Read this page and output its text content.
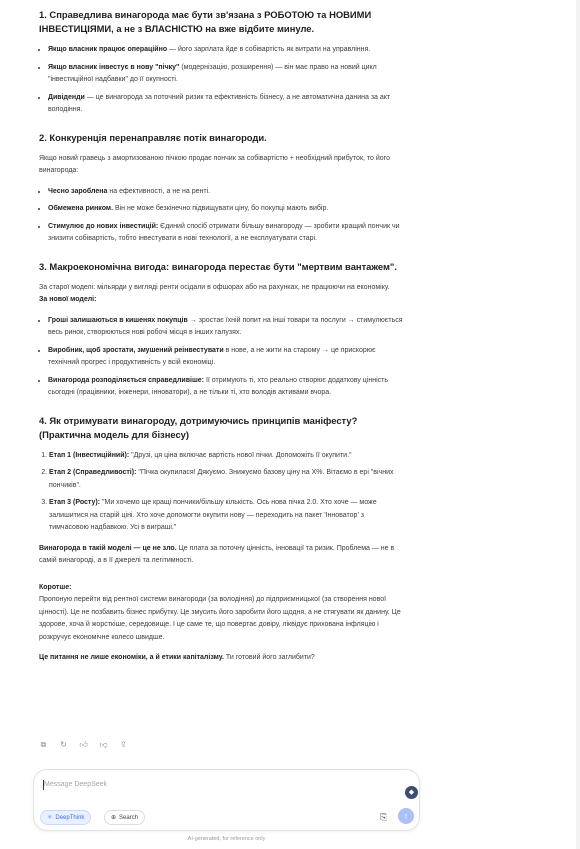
1. Справедлива винагорода має бути зв'язана з РОБОТОЮ та НОВИМИ ІНВЕСТИЦІЯМИ, а не з ВЛАСНІСТЮ на вже відбите минуле.
• Якщо власник працює операційно — його зарплата йде в собівартість як витрати на управління.
• Якщо власник інвестує в нову "пічку" (модернізацію, розширення) — він має право на новий цикл "інвестиційної надбавки" до її окупності.
• Дивіденди — це винагорода за поточний ризик та ефективність бізнесу, а не автоматична данина за акт володіння.
2. Конкуренція перенаправляє потік винагороди.

Якщо новий гравець з амортизованою пічкою продає пончик за собівартістю + необхідний прибуток, то його винагорода:

• Чесно зароблена на ефективності, а не на ренті.
• Обмежена ринком. Він не може безкінечно підвищувати ціну, бо покупці мають вибір.
• Стимулює до нових інвестицій: Єдиний спосіб отримати більшу винагороду — зробити кращий пончик чи знизити собівартість, тобто інвестувати в нові технології, а не експлуатувати старі.
3. Макроекономічна вигода: винагорода перестає бути "мертвим вантажем".

За старої моделі: мільярди у вигляді ренти осідали в офшорах або на рахунках, не працюючи на економіку.

За нової моделі:

• Гроші залишаються в кишенях покупців → зростає їхній попит на інші товари та послуги → стимулюється весь ринок, створюються нові робочі місця в інших галузях.
• Виробник, щоб зростати, змушений реінвестувати в нове, а не жити на старому → це прискорює технічний прогрес і продуктивність у всій економіці.
• Винагорода розподіляється справедливіше: її отримують ті, хто реально створює додаткову цінність сьогодні (працівники, інженери, інноватори), а не тільки ті, хто володів активами вчора.
4. Як отримувати винагороду, дотримуючись принципів маніфесту? (Практична модель для бізнесу)
1. Етап 1 (Інвестиційний): "Друзі, ця ціна включає вартість нової пічки. Допоможіть її окупити."
2. Етап 2 (Справедливості): "Пічка окупилася! Дякуємо. Знижуємо базову ціну на Х%. Вітаємо в ері "вічних пончиків".
3. Етап 3 (Росту): "Ми хочемо ще кращі пончики/більшу кількість. Ось нова пічка 2.0. Хто хоче — може залишитися на старій ціні. Хто хоче допомогти окупити нову — переходить на пакет 'Інноватор' з тимчасовою надбавкою. Усі в виграші."

Винагорода в такій моделі — це не зло. Це плата за поточну цінність, інновації та ризик. Проблема — не в самій винагороді, а в її джерелі та легітимності.

Коротше:

Пропоную перейти від рентної системи винагороди (за володіння) до підприємницької (за створення нової цінності). Це не позбавить бізнес прибутку. Це змусить його заробити його щодня, а не стягувати як данину. Це здорове, хоча й жорсткіше, середовище. І це саме те, що повертає довіру, ліквідує прихована інфляцію і розкручує економічне колесо швидше.

Це питання не лише економіки, а й етики капіталізму. Ти готовий його заглибити?

⧉ ↻ 👍︎ 👎︎ ⇪
Message DeepSeek
◆
⚛ DeepThink	⊕ Search	⎘	↑
AI-generated, for reference only
